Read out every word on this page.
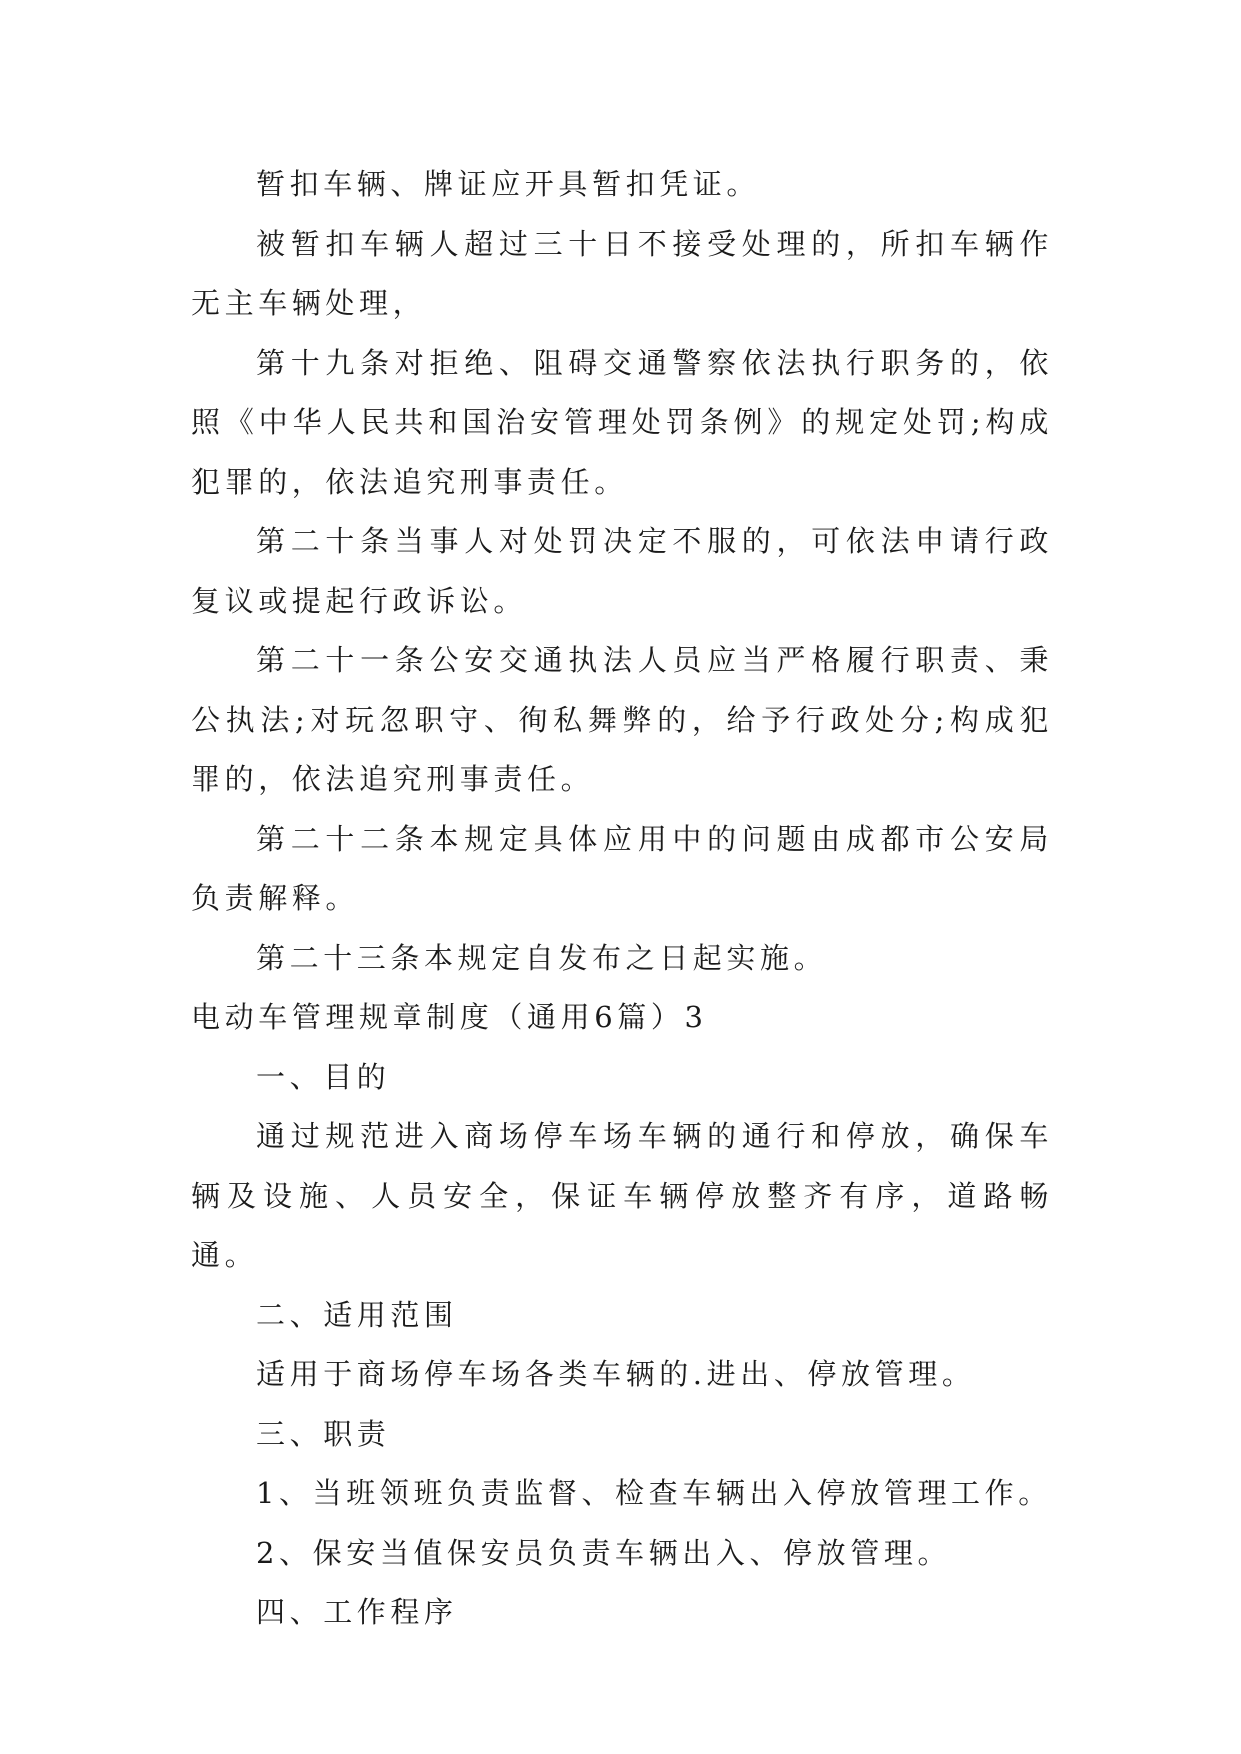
暂扣车辆、牌证应开具暂扣凭证。

被暂扣车辆人超过三十日不接受处理的，所扣车辆作无主车辆处理，

第十九条对拒绝、阻碍交通警察依法执行职务的，依照《中华人民共和国治安管理处罚条例》的规定处罚;构成犯罪的，依法追究刑事责任。

第二十条当事人对处罚决定不服的，可依法申请行政复议或提起行政诉讼。

第二十一条公安交通执法人员应当严格履行职责、秉公执法;对玩忽职守、徇私舞弊的，给予行政处分;构成犯罪的，依法追究刑事责任。

第二十二条本规定具体应用中的问题由成都市公安局负责解释。

第二十三条本规定自发布之日起实施。

电动车管理规章制度（通用6篇）3

一、目的

通过规范进入商场停车场车辆的通行和停放，确保车辆及设施、人员安全，保证车辆停放整齐有序，道路畅通。

二、适用范围

适用于商场停车场各类车辆的.进出、停放管理。

三、职责

1、当班领班负责监督、检查车辆出入停放管理工作。

2、保安当值保安员负责车辆出入、停放管理。

四、工作程序
